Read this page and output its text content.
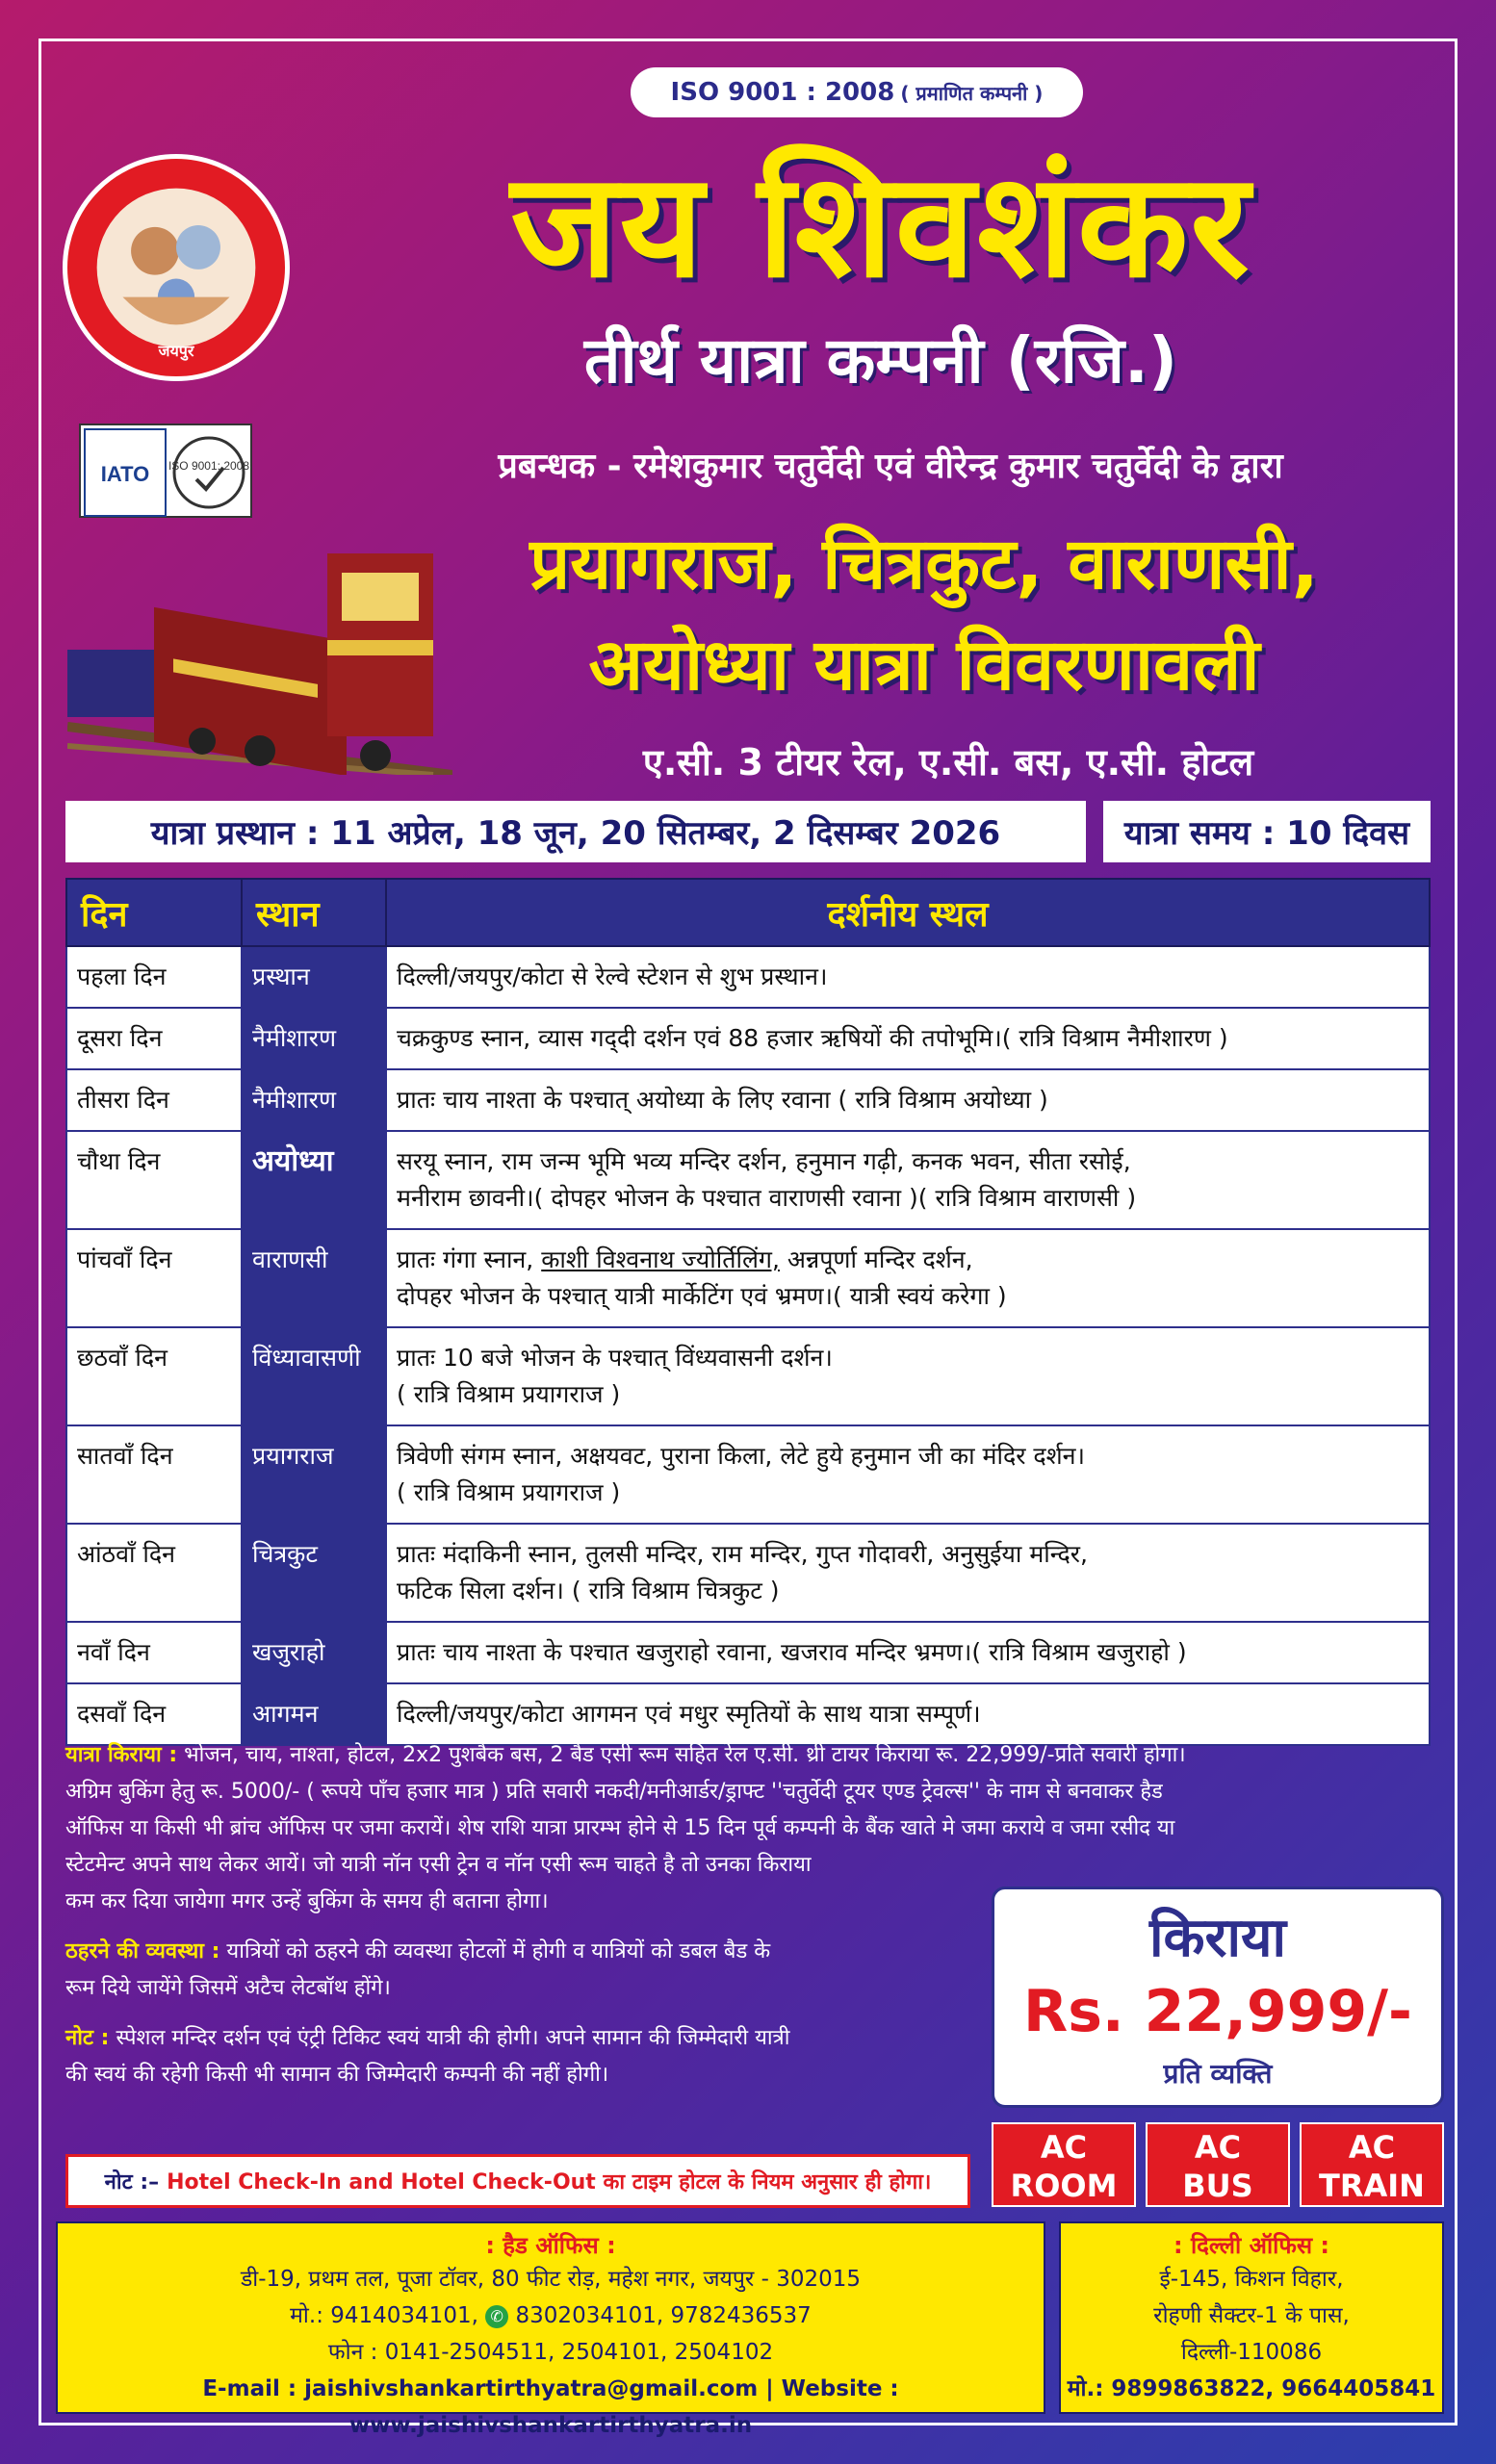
ISO 9001 : 2008 ( प्रमाणित कम्पनी )
जयपुर
जय शिवशंकर
तीर्थ यात्रा कम्पनी (रजि.)
IATO ISO 9001: 2008	प्रबन्धक - रमेशकुमार चतुर्वेदी एवं वीरेन्द्र कुमार चतुर्वेदी के द्वारा
प्रयागराज, चित्रकुट, वाराणसी,
अयोध्या यात्रा विवरणावली
ए.सी. 3 टीयर रेल, ए.सी. बस, ए.सी. होटल
यात्रा प्रस्थान : 11 अप्रेल, 18 जून, 20 सितम्बर, 2 दिसम्बर 2026	यात्रा समय : 10 दिवस
दिन	स्थान	दर्शनीय स्थल
पहला दिन	प्रस्थान	दिल्ली/जयपुर/कोटा से रेल्वे स्टेशन से शुभ प्रस्थान।
दूसरा दिन	नैमीशारण	चक्रकुण्ड स्नान, व्यास गद्‌दी दर्शन एवं 88 हजार ऋषियों की तपोभूमि।( रात्रि विश्राम नैमीशारण )
तीसरा दिन	नैमीशारण	प्रातः चाय नाश्ता के पश्चात् अयोध्या के लिए रवाना ( रात्रि विश्राम अयोध्या )
चौथा दिन	अयोध्या	सरयू स्नान, राम जन्म भूमि भव्य मन्दिर दर्शन, हनुमान गढ़ी, कनक भवन, सीता रसोई,
मनीराम छावनी।( दोपहर भोजन के पश्चात वाराणसी रवाना )( रात्रि विश्राम वाराणसी )

पांचवाँ दिन	वाराणसी	प्रातः गंगा स्नान, काशी विश्वनाथ ज्योर्तिलिंग, अन्नपूर्णा मन्दिर दर्शन,
दोपहर भोजन के पश्चात् यात्री मार्केटिंग एवं भ्रमण।( यात्री स्वयं करेगा )

छठवाँ दिन	विंध्यावासणी	प्रातः 10 बजे भोजन के पश्चात् विंध्यवासनी दर्शन।
( रात्रि विश्राम प्रयागराज )

सातवाँ दिन	प्रयागराज	त्रिवेणी संगम स्नान, अक्षयवट, पुराना किला, लेटे हुये हनुमान जी का मंदिर दर्शन।
( रात्रि विश्राम प्रयागराज )

आंठवाँ दिन	चित्रकुट	प्रातः मंदाकिनी स्नान, तुलसी मन्दिर, राम मन्दिर, गुप्त गोदावरी, अनुसुईया मन्दिर,
फटिक सिला दर्शन। ( रात्रि विश्राम चित्रकुट )

नवाँ दिन	खजुराहो	प्रातः चाय नाश्ता के पश्चात खजुराहो रवाना, खजराव मन्दिर भ्रमण।( रात्रि विश्राम खजुराहो )
दसवाँ दिन	आगमन	दिल्ली/जयपुर/कोटा आगमन एवं मधुर स्मृतियों के साथ यात्रा सम्पूर्ण।

यात्रा किराया : भोजन, चाय, नाश्ता, होटल, 2x2 पुशबैक बस, 2 बैड एसी रूम सहित रेल ए.सी. थ्री टायर किराया रू. 22,999/-प्रति सवारी होगा।
अग्रिम बुकिंग हेतु रू. 5000/- ( रूपये पाँच हजार मात्र ) प्रति सवारी नकदी/मनीआर्डर/ड्राफ्ट ''चतुर्वेदी टूयर एण्ड ट्रेवल्स'' के नाम से बनवाकर हैड
ऑफिस या किसी भी ब्रांच ऑफिस पर जमा करायें। शेष राशि यात्रा प्रारम्भ होने से 15 दिन पूर्व कम्पनी के बैंक खाते मे जमा कराये व जमा रसीद या
स्टेटमेन्ट अपने साथ लेकर आयें। जो यात्री नॉन एसी ट्रेन व नॉन एसी रूम चाहते है तो उनका किराया
कम कर दिया जायेगा मगर उन्हें बुकिंग के समय ही बताना होगा।

ठहरने की व्यवस्था : यात्रियों को ठहरने की व्यवस्था होटलों में होगी व यात्रियों को डबल बैड के
रूम दिये जायेंगे जिसमें अटैच लेटबॉथ होंगे।

नोट : स्पेशल मन्दिर दर्शन एवं एंट्री टिकिट स्वयं यात्री की होगी। अपने सामान की जिम्मेदारी यात्री
की स्वयं की रहेगी किसी भी सामान की जिम्मेदारी कम्पनी की नहीं होगी।

नोट :– Hotel Check-In and Hotel Check-Out का टाइम होटल के नियम अनुसार ही होगा।
किराया
Rs. 22,999/-
प्रति व्यक्ति
AC
ROOM
AC
BUS
AC
TRAIN
: हैड ऑफिस :
डी-19, प्रथम तल, पूजा टॉवर, 80 फीट रोड़, महेश नगर, जयपुर - 302015
मो.: 9414034101, ✆ 8302034101, 9782436537
फोन : 0141-2504511, 2504101, 2504102
E-mail : jaishivshankartirthyatra@gmail.com | Website : www.jaishivshankartirthyatra.in
: दिल्ली ऑफिस :
ई-145, किशन विहार,
रोहणी सैक्टर-1 के पास,
दिल्ली-110086
मो.: 9899863822, 9664405841
